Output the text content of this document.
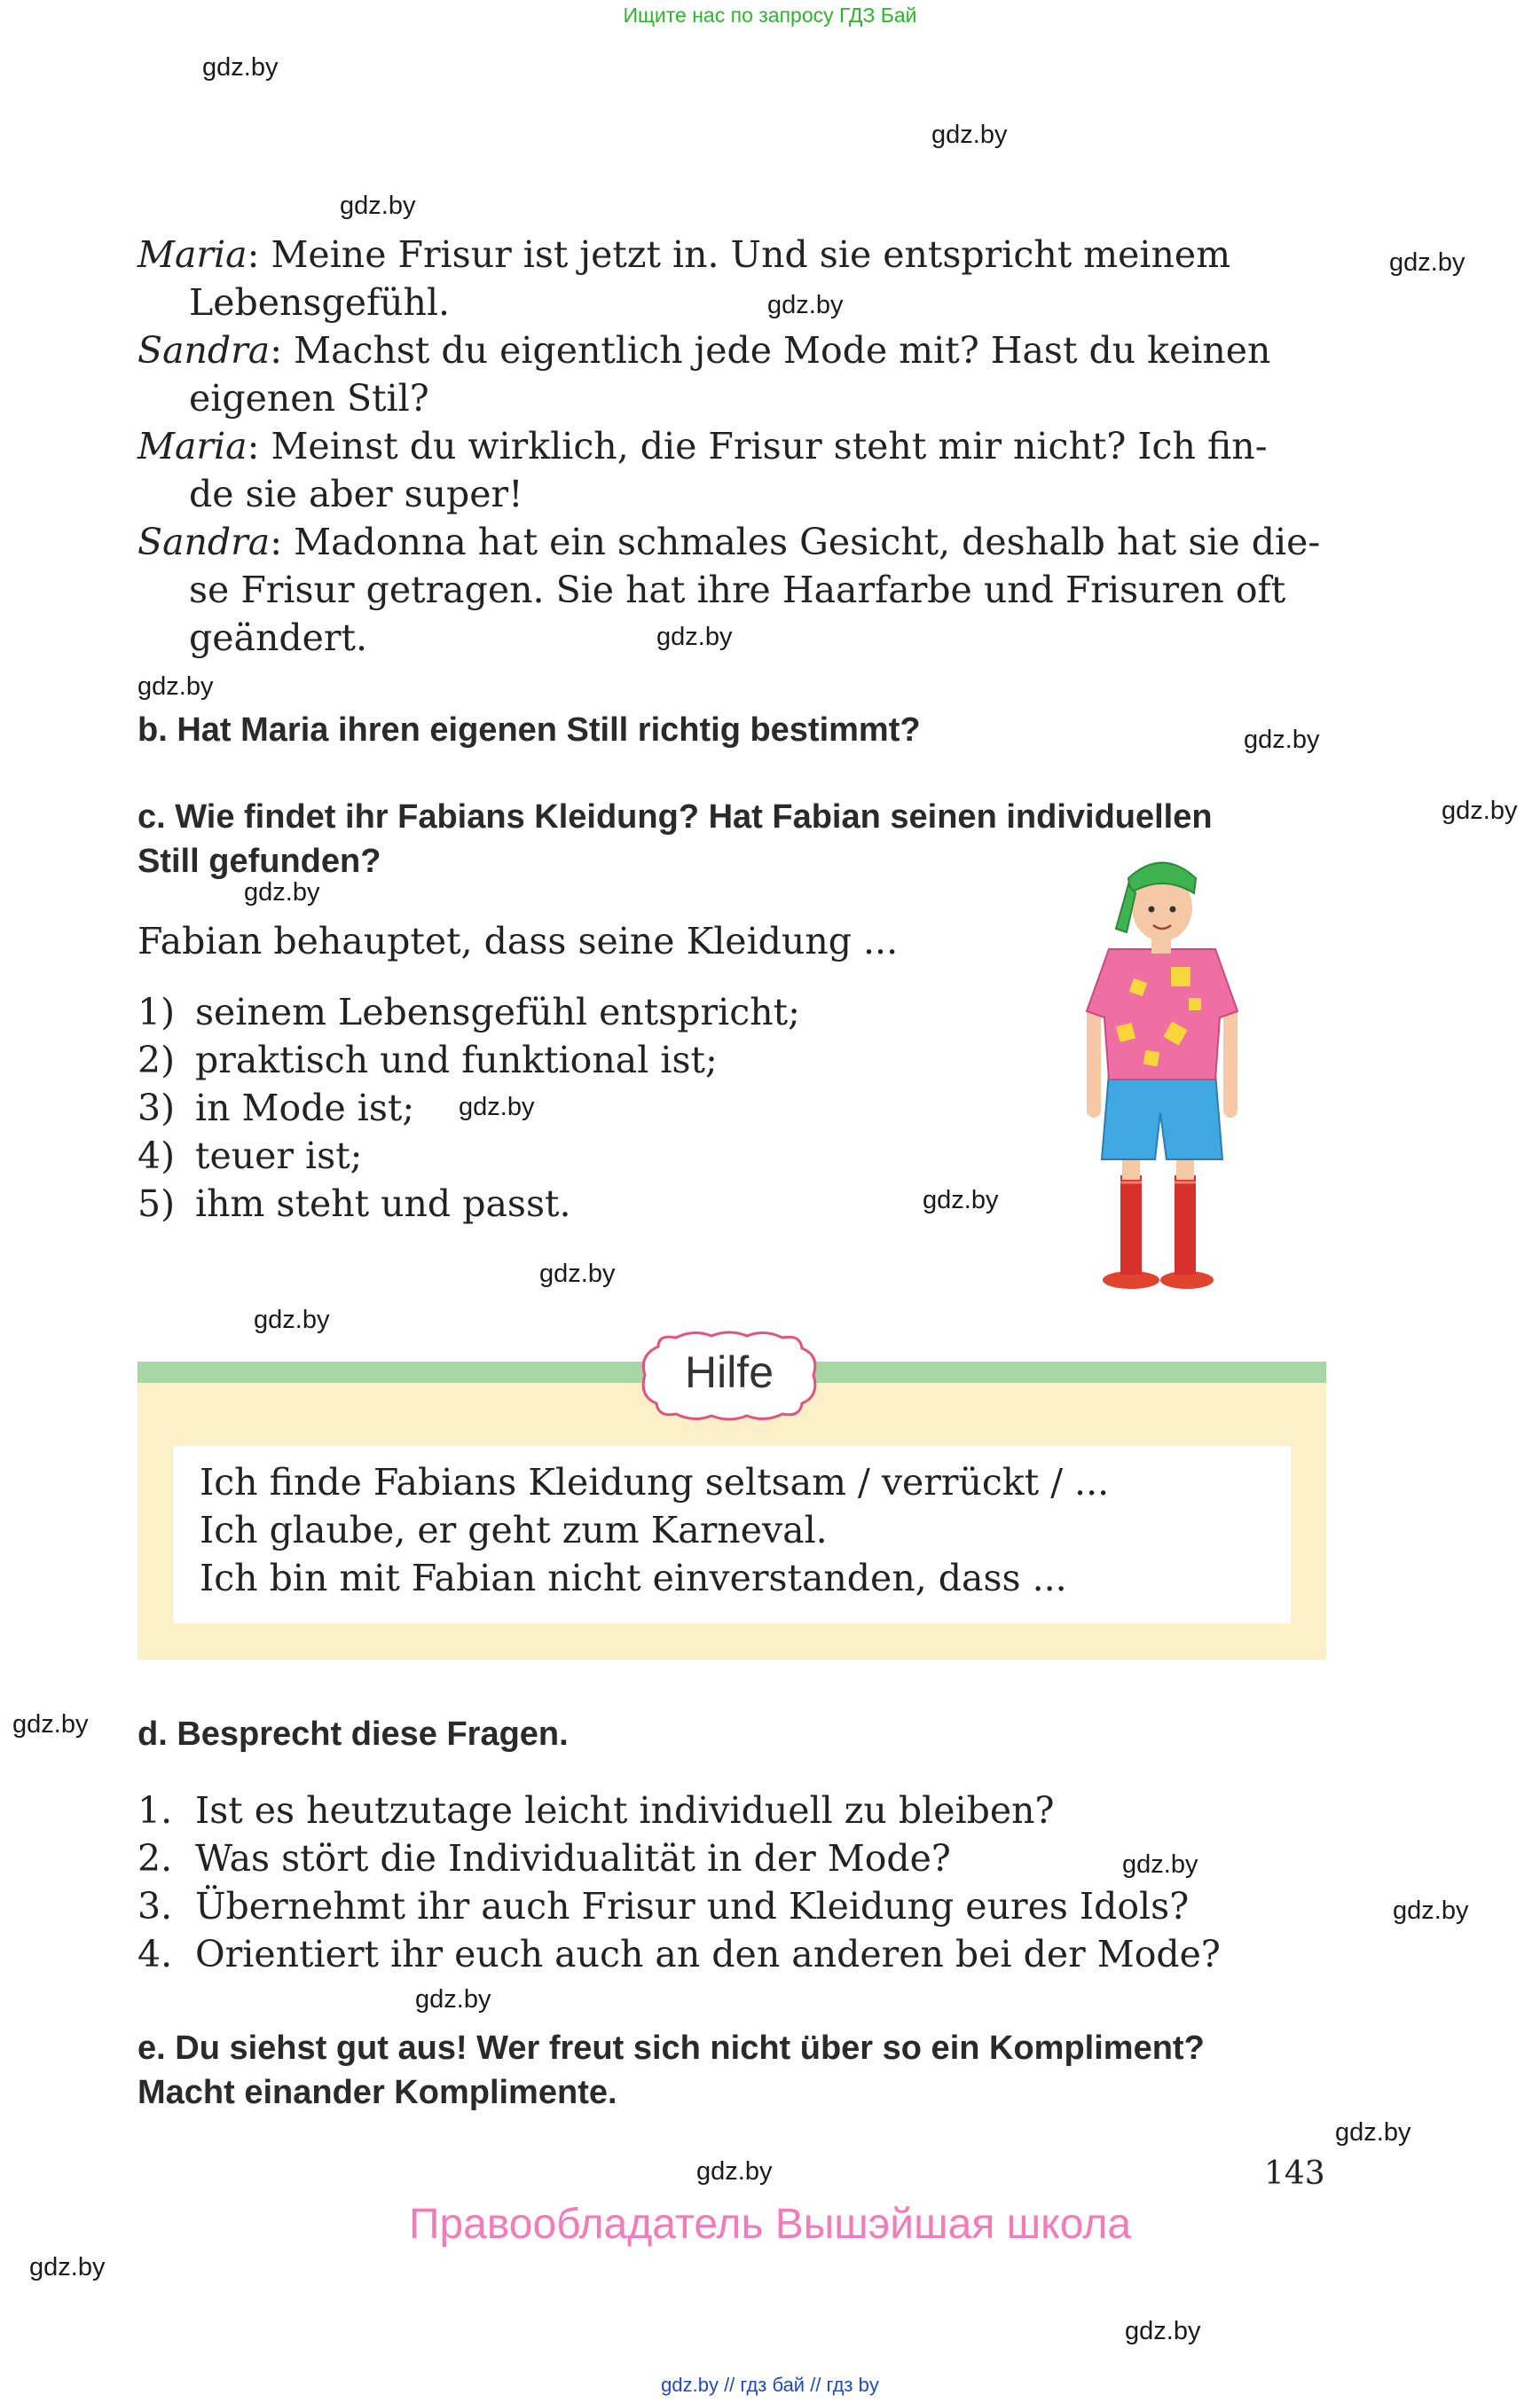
Ищите нас по запросу ГДЗ Бай
gdz.by
gdz.by
gdz.by
gdz.by
gdz.by
gdz.by
gdz.by
gdz.by
gdz.by
gdz.by
gdz.by
gdz.by
gdz.by
gdz.by
gdz.by
gdz.by
gdz.by
gdz.by
gdz.by
gdz.by
gdz.by
gdz.by
Maria: Meine Frisur ist jetzt in. Und sie entspricht meinem
Lebensgefühl.
Sandra: Machst du eigentlich jede Mode mit? Hast du keinen
eigenen Stil?
Maria: Meinst du wirklich, die Frisur steht mir nicht? Ich fin-
de sie aber super!
Sandra: Madonna hat ein schmales Gesicht, deshalb hat sie die-
se Frisur getragen. Sie hat ihre Haarfarbe und Frisuren oft
geändert.
b. Hat Maria ihren eigenen Still richtig bestimmt?
c. Wie findet ihr Fabians Kleidung? Hat Fabian seinen individuellen
Still gefunden?
Fabian behauptet, dass seine Kleidung ...
1) seinem Lebensgefühl entspricht;
2) praktisch und funktional ist;
3) in Mode ist;
4) teuer ist;
5) ihm steht und passt.
Hilfe
Ich finde Fabians Kleidung seltsam / verrückt / ...
Ich glaube, er geht zum Karneval.
Ich bin mit Fabian nicht einverstanden, dass ...
d. Besprecht diese Fragen.
1. Ist es heutzutage leicht individuell zu bleiben?
2. Was stört die Individualität in der Mode?
3. Übernehmt ihr auch Frisur und Kleidung eures Idols?
4. Orientiert ihr euch auch an den anderen bei der Mode?
e. Du siehst gut aus! Wer freut sich nicht über so ein Kompliment?
Macht einander Komplimente.
143
Правообладатель Вышэйшая школа
gdz.by // гдз бай // гдз by
